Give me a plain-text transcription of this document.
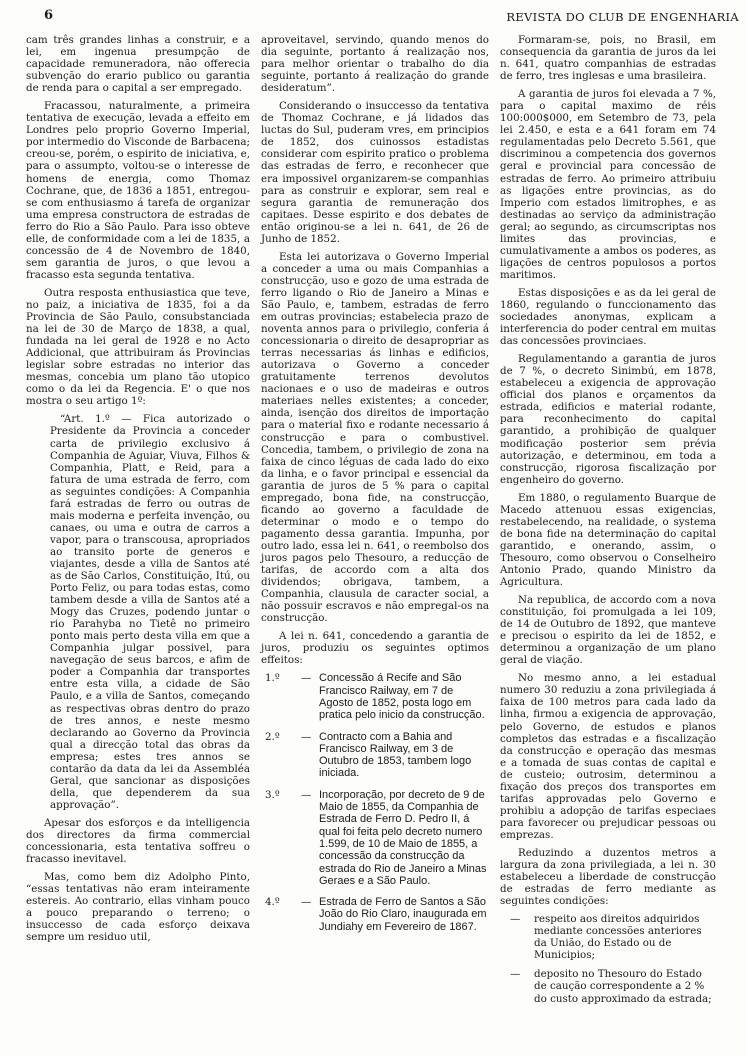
6	REVISTA DO CLUB DE ENGENHARIA

cam três grandes linhas a construir, e a lei, em ingenua presumpção de capacidade remuneradora, não offerecia subvenção do erario publico ou garantia de renda para o capital a ser empregado.

Fracassou, naturalmente, a primeira tentativa de execução, levada a effeito em Londres pelo proprio Governo Imperial, por intermedio do Visconde de Barbacena; creou-se, porém, o espirito de iniciativa, e, para o assumpto, voltou-se o interesse de homens de energia, como Thomaz Cochrane, que, de 1836 a 1851, entregou-se com enthusiasmo á tarefa de organizar uma empresa constructora de estradas de ferro do Rio a São Paulo. Para isso obteve elle, de conformidade com a lei de 1835, a concessão de 4 de Novembro de 1840, sem garantia de juros, o que levou a fracasso esta segunda tentativa.

Outra resposta enthusiastica que teve, no paiz, a iniciativa de 1835, foi a da Provincia de São Paulo, consubstanciada na lei de 30 de Março de 1838, a qual, fundada na lei geral de 1928 e no Acto Addicional, que attribuiram ás Provincias legislar sobre estradas no interior das mesmas, concebia um plano tão utopico como o da lei da Regencia. E' o que nos mostra o seu artigo 1º:

“Art. 1.º — Fica autorizado o Presidente da Provincia a conceder carta de privilegio exclusivo á Companhia de Aguiar, Viuva, Filhos & Companhia, Platt, e Reid, para a fatura de uma estrada de ferro, com as seguintes condições: A Companhia fará estradas de ferro ou outras de mais moderna e perfeita invenção, ou canaes, ou uma e outra de carros a vapor, para o transcousa, apropriados ao transito porte de generos e viajantes, desde a villa de Santos até as de São Carlos, Constituição, Itú, ou Porto Feliz, ou para todas estas, como tambem desde a villa de Santos até a Mogy das Cruzes, podendo juntar o rio Parahyba no Tietê no primeiro ponto mais perto desta villa em que a Companhia julgar possivel, para navegação de seus barcos, e afim de poder a Companhia dar transportes entre esta villa, a cidade de São Paulo, e a villa de Santos, começando as respectivas obras dentro do prazo de tres annos, e neste mesmo declarando ao Governo da Provincia qual a direcção total das obras da empresa; estes tres annos se contarão da data da lei da Assembléa Geral, que sancionar as disposições della, que dependerem da sua approvação”.

Apesar dos esforços e da intelligencia dos directores da firma commercial concessionaria, esta tentativa soffreu o fracasso inevitavel.

Mas, como bem diz Adolpho Pinto, “essas tentativas não eram inteiramente estereis. Ao contrario, ellas vinham pouco a pouco preparando o terreno; o insuccesso de cada esforço deixava sempre um residuo util,

aproveitavel, servindo, quando menos do dia seguinte, portanto á realização nos, para melhor orientar o trabalho do dia seguinte, portanto á realização do grande desideratum”.

Considerando o insuccesso da tentativa de Thomaz Cochrane, e já lidados das luctas do Sul, puderam vres, em principios de 1852, dos cuinossos estadistas considerar com espirito pratico o problema das estradas de ferro, e reconhecer que era impossivel organizarem-se companhias para as construir e explorar, sem real e segura garantia de remuneração dos capitaes. Desse espirito e dos debates de então originou-se a lei n. 641, de 26 de Junho de 1852.

Esta lei autorizava o Governo Imperial a conceder a uma ou mais Companhias a construcção, uso e gozo de uma estrada de ferro ligando o Rio de Janeiro a Minas e São Paulo, e, tambem, estradas de ferro em outras provincias; estabelecia prazo de noventa annos para o privilegio, conferia á concessionaria o direito de desapropriar as terras necessarias ás linhas e edificios, autorizava o Governo a conceder gratuitamente terrenos devolutos nacionaes e o uso de madeiras e outros materiaes nelles existentes; a conceder, ainda, isenção dos direitos de importação para o material fixo e rodante necessario á construcção e para o combustivel. Concedia, tambem, o privilegio de zona na faixa de cinco léguas de cada lado do eixo da linha, e o favor principal e essencial da garantia de juros de 5 % para o capital empregado, bona fide, na construcção, ficando ao governo a faculdade de determinar o modo e o tempo do pagamento dessa garantia. Impunha, por outro lado, essa lei n. 641, o reembolso dos juros pagos pelo Thesouro, a reducção de tarifas, de accordo com a alta dos dividendos; obrigava, tambem, a Companhia, clausula de caracter social, a não possuir escravos e não empregal-os na construcção.

A lei n. 641, concedendo a garantia de juros, produziu os seguintes optimos effeitos:

1.º	— Concessão á Recife and São Francisco Railway, em 7 de Agosto de 1852, posta logo em pratica pelo inicio da construcção.
2.º	— Contracto com a Bahia and Francisco Railway, em 3 de Outubro de 1853, tambem logo iniciada.
3.º	— Incorporação, por decreto de 9 de Maio de 1855, da Companhia de Estrada de Ferro D. Pedro II, á qual foi feita pelo decreto numero 1.599, de 10 de Maio de 1855, a concessão da construcção da estrada do Rio de Janeiro a Minas Geraes e a São Paulo.
4.º	— Estrada de Ferro de Santos a São João do Rio Claro, inaugurada em Jundiahy em Fevereiro de 1867.

Formaram-se, pois, no Brasil, em consequencia da garantia de juros da lei n. 641, quatro companhias de estradas de ferro, tres inglesas e uma brasileira.

A garantia de juros foi elevada a 7 %, para o capital maximo de réis 100:000$000, em Setembro de 73, pela lei 2.450, e esta e a 641 foram em 74 regulamentadas pelo Decreto 5.561, que discriminou a competencia dos governos geral e provincial para concessão de estradas de ferro. Ao primeiro attribuiu as ligações entre provincias, as do Imperio com estados limitrophes, e as destinadas ao serviço da administração geral; ao segundo, as circumscriptas nos limites das provincias, e cumulativamente a ambos os poderes, as ligações de centros populosos a portos maritimos.

Estas disposições e as da lei geral de 1860, regulando o funccionamento das sociedades anonymas, explicam a interferencia do poder central em muitas das concessões provinciaes.

Regulamentando a garantia de juros de 7 %, o decreto Sinimbú, em 1878, estabeleceu a exigencia de approvação official dos planos e orçamentos da estrada, edificios e material rodante, para reconhecimento do capital garantido, a prohibição de qualquer modificação posterior sem prévia autorização, e determinou, em toda a construcção, rigorosa fiscalização por engenheiro do governo.

Em 1880, o regulamento Buarque de Macedo attenuou essas exigencias, restabelecendo, na realidade, o systema de bona fide na determinação do capital garantido, e onerando, assim, o Thesouro, como observou o Conselheiro Antonio Prado, quando Ministro da Agricultura.

Na republica, de accordo com a nova constituição, foi promulgada a lei 109, de 14 de Outubro de 1892, que manteve e precisou o espirito da lei de 1852, e determinou a organização de um plano geral de viação.

No mesmo anno, a lei estadual numero 30 reduziu a zona privilegiada á faixa de 100 metros para cada lado da linha, firmou a exigencia de approvação, pelo Governo, de estudos e planos completos das estradas e a fiscalização da construcção e operação das mesmas e a tomada de suas contas de capital e de custeio; outrosim, determinou a fixação dos preços dos transportes em tarifas approvadas pelo Governo e prohibiu a adopção de tarifas especiaes para favorecer ou prejudicar pessoas ou emprezas.

Reduzindo a duzentos metros a largura da zona privilegiada, a lei n. 30 estabeleceu a liberdade de construcção de estradas de ferro mediante as seguintes condições:

—	respeito aos direitos adquiridos mediante concessões anteriores da União, do Estado ou de Municipios;
—	deposito no Thesouro do Estado de caução correspondente a 2 % do custo approximado da estrada;
